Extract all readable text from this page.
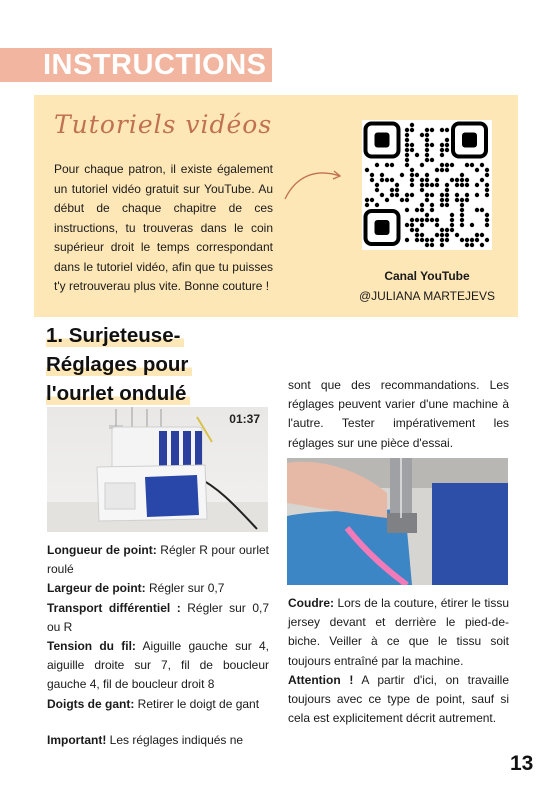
INSTRUCTIONS
Tutoriels vidéos

Pour chaque patron, il existe également un tutoriel vidéo gratuit sur YouTube. Au début de chaque chapitre de ces instructions, tu trouveras dans le coin supérieur droit le temps correspondant dans le tutoriel vidéo, afin que tu puisses t'y retrouverau plus vite. Bonne couture !

Canal YouTube
@JULIANA MARTEJEVS
1. Surjeteuse-
Réglages pour
l'ourlet ondulé
01:37

Longueur de point: Régler R pour ourlet roulé

Largeur de point: Régler sur 0,7

Transport différentiel : Régler sur 0,7 ou R

Tension du fil: Aiguille gauche sur 4, aiguille droite sur 7, fil de boucleur gauche 4, fil de boucleur droit 8

Doigts de gant: Retirer le doigt de gant

Important! Les réglages indiqués ne

sont que des recommandations. Les réglages peuvent varier d'une machine à l'autre. Tester impérativement les réglages sur une pièce d'essai.

Coudre: Lors de la couture, étirer le tissu jersey devant et derrière le pied-de-biche. Veiller à ce que le tissu soit toujours entraîné par la machine.

Attention ! A partir d'ici, on travaille toujours avec ce type de point, sauf si cela est explicitement décrit autrement.

13
